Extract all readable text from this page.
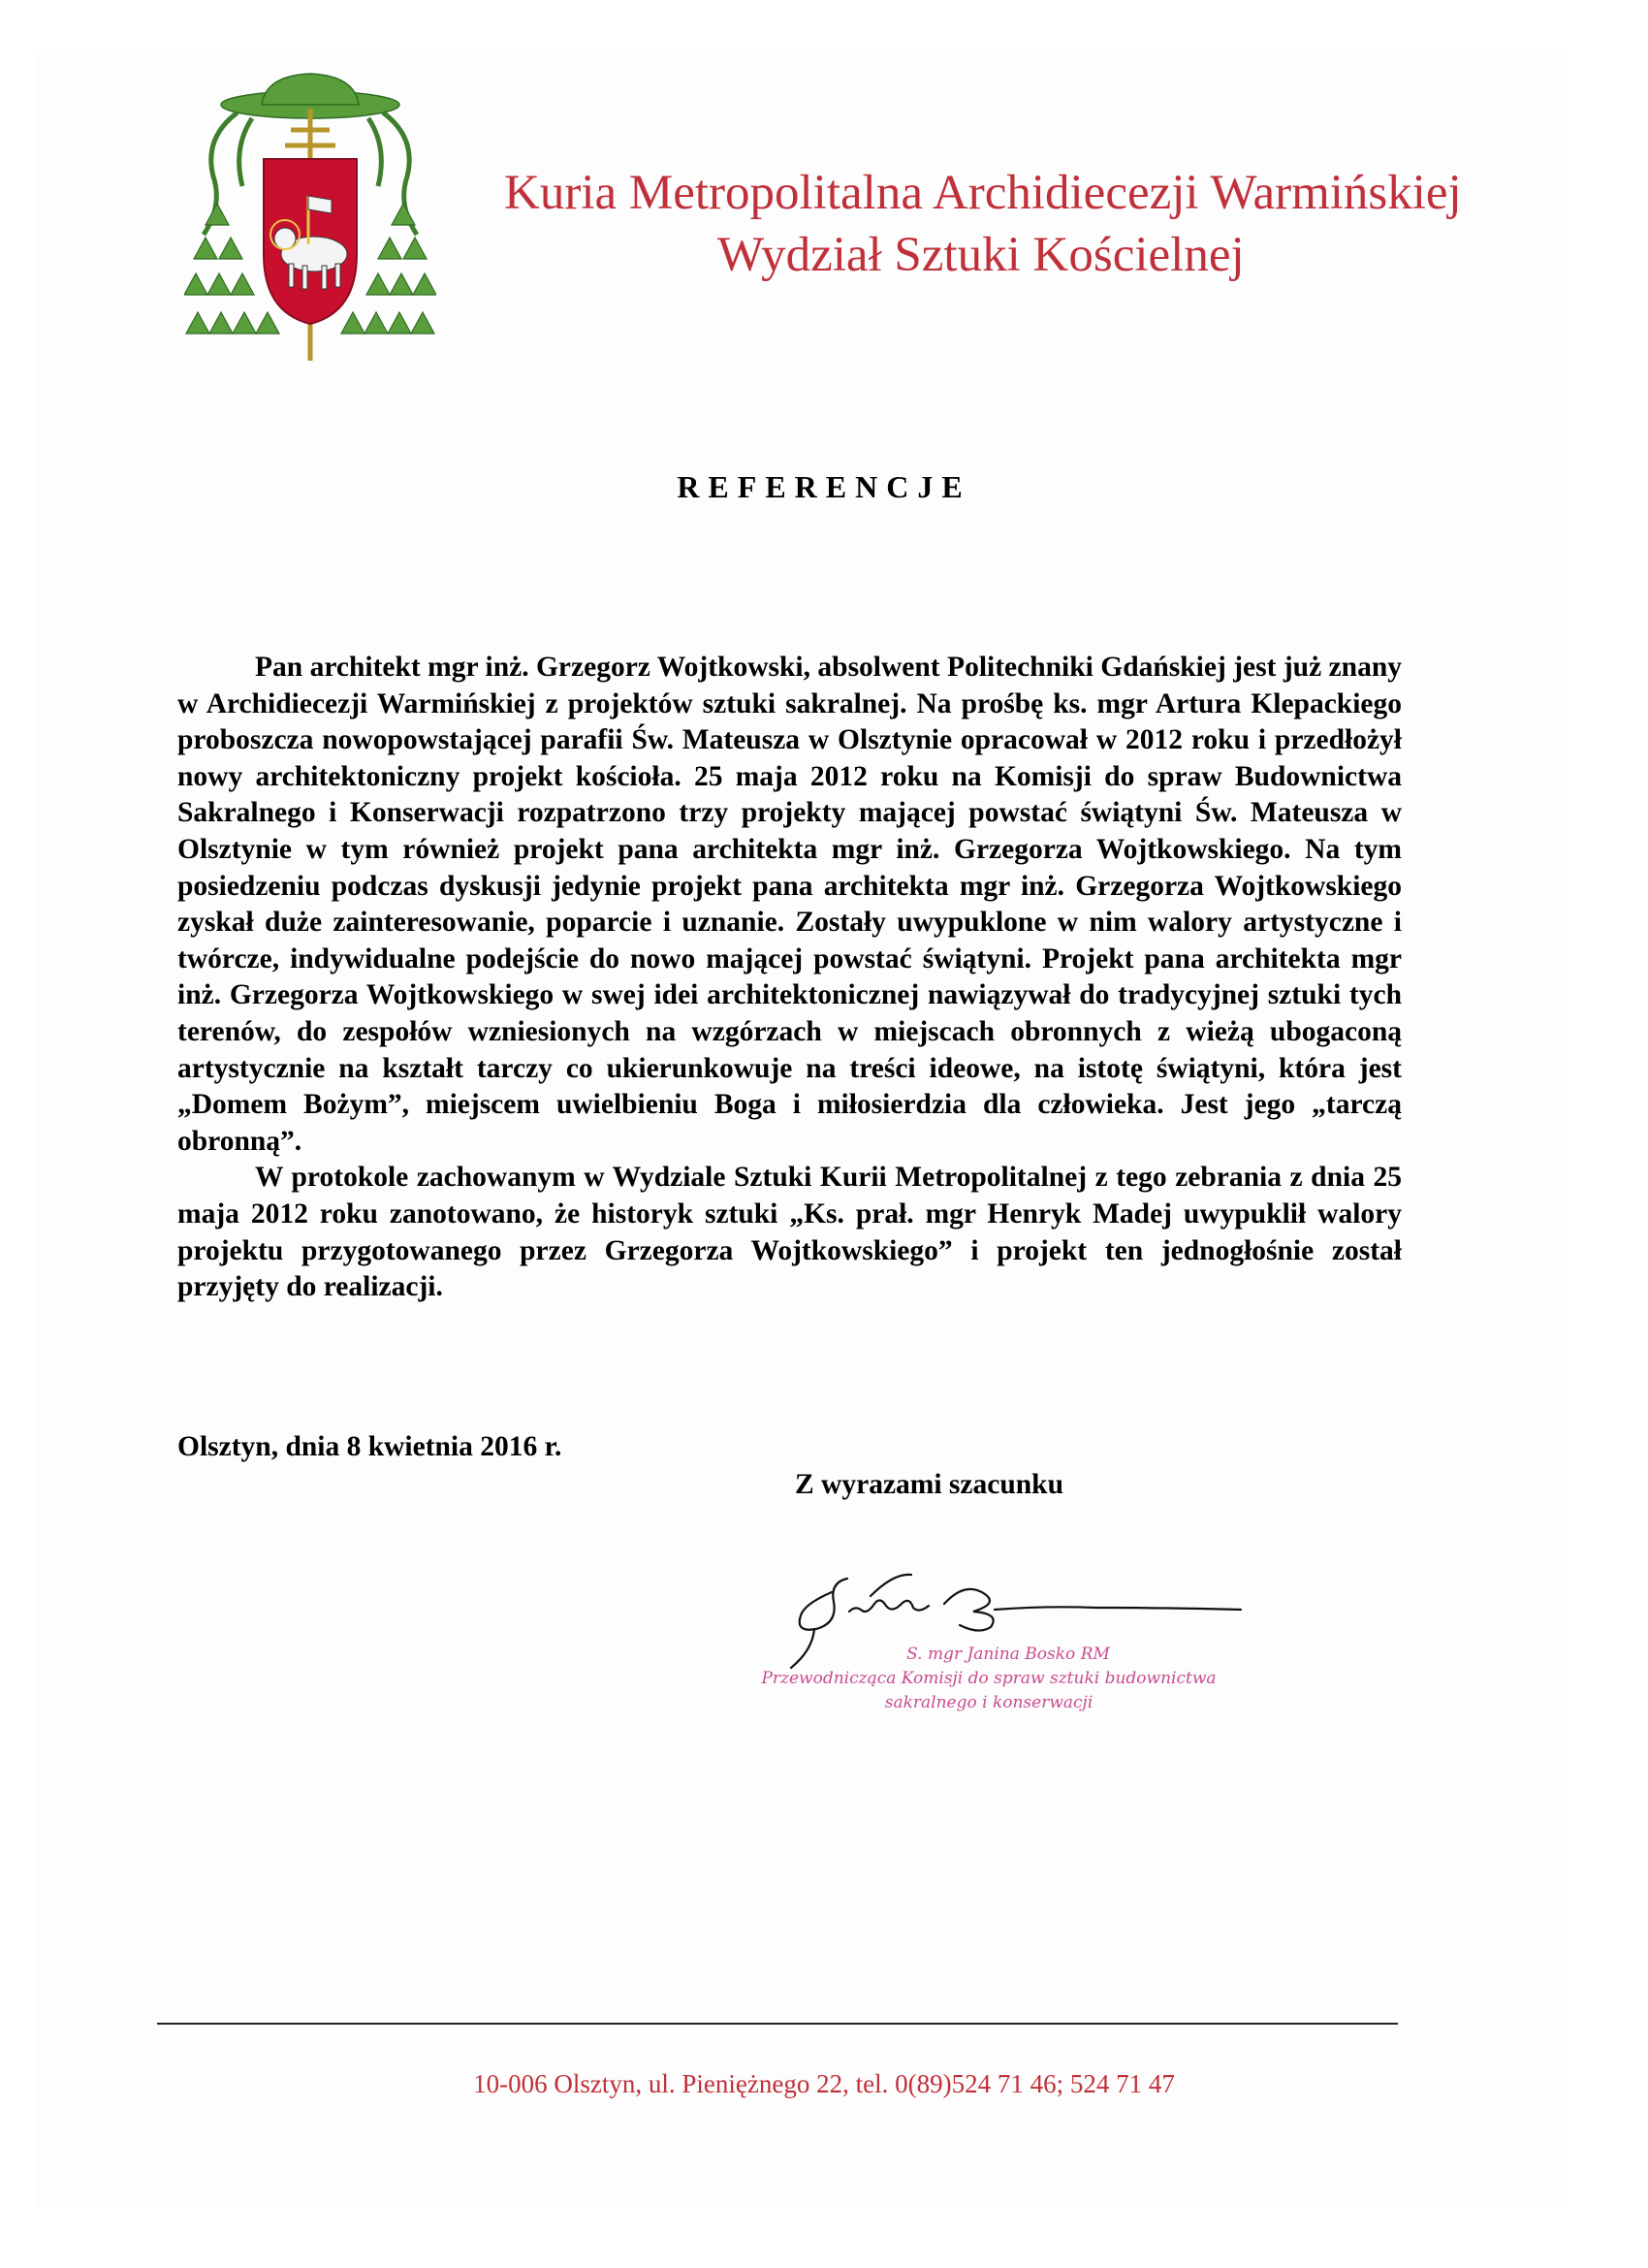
Kuria Metropolitalna Archidiecezji Warmińskiej
Wydział Sztuki Kościelnej
REFERENCJE

Pan architekt mgr inż. Grzegorz Wojtkowski, absolwent Politechniki Gdańskiej jest już znany w Archidiecezji Warmińskiej z projektów sztuki sakralnej. Na prośbę ks. mgr Artura Klepackiego proboszcza nowopowstającej parafii Św. Mateusza w Olsztynie opracował w 2012 roku i przedłożył nowy architektoniczny projekt kościoła. 25 maja 2012 roku na Komisji do spraw Budownictwa Sakralnego i Konserwacji rozpatrzono trzy projekty mającej powstać świątyni Św. Mateusza w Olsztynie w tym również projekt pana architekta mgr inż. Grzegorza Wojtkowskiego. Na tym posiedzeniu podczas dyskusji jedynie projekt pana architekta mgr inż. Grzegorza Wojtkowskiego zyskał duże zainteresowanie, poparcie i uznanie. Zostały uwypuklone w nim walory artystyczne i twórcze, indywidualne podejście do nowo mającej powstać świątyni. Projekt pana architekta mgr inż. Grzegorza Wojtkowskiego w swej idei architektonicznej nawiązywał do tradycyjnej sztuki tych terenów, do zespołów wzniesionych na wzgórzach w miejscach obronnych z wieżą ubogaconą artystycznie na kształt tarczy co ukierunkowuje na treści ideowe, na istotę świątyni, która jest „Domem Bożym”, miejscem uwielbieniu Boga i miłosierdzia dla człowieka. Jest jego „tarczą obronną”.

W protokole zachowanym w Wydziale Sztuki Kurii Metropolitalnej z tego zebrania z dnia 25 maja 2012 roku zanotowano, że historyk sztuki „Ks. prał. mgr Henryk Madej uwypuklił walory projektu przygotowanego przez Grzegorza Wojtkowskiego” i projekt ten jednogłośnie został przyjęty do realizacji.

Olsztyn, dnia 8 kwietnia 2016 r.
Z wyrazami szacunku
S. mgr Janina Bosko RM
Przewodnicząca Komisji do spraw sztuki budownictwa
sakralnego i konserwacji
10-006 Olsztyn, ul. Pieniężnego 22, tel. 0(89)524 71 46; 524 71 47
